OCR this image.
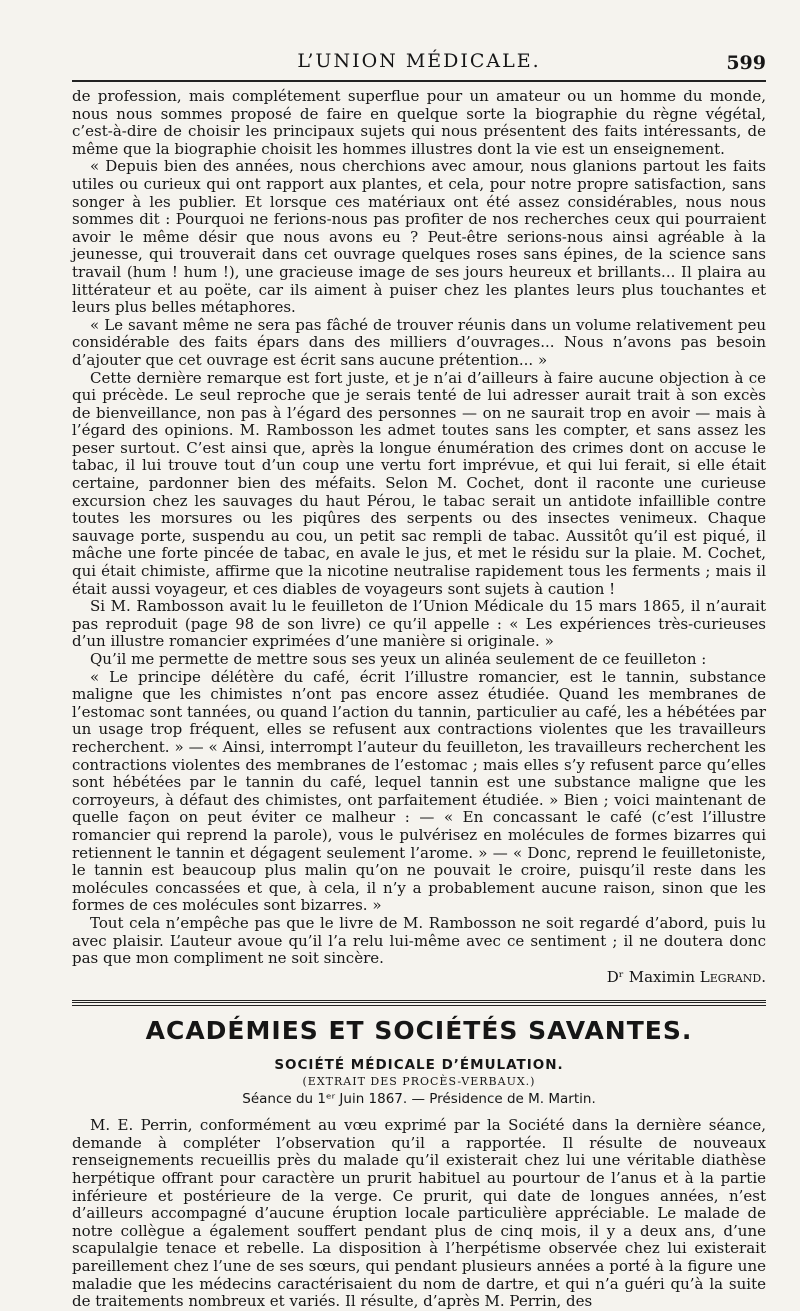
L’UNION MÉDICALE.	599

de profession, mais complétement superflue pour un amateur ou un homme du monde, nous nous sommes proposé de faire en quelque sorte la biographie du règne végétal, c’est-à-dire de choisir les principaux sujets qui nous présentent des faits intéressants, de même que la biographie choisit les hommes illustres dont la vie est un enseignement.

« Depuis bien des années, nous cherchions avec amour, nous glanions partout les faits utiles ou curieux qui ont rapport aux plantes, et cela, pour notre propre satisfaction, sans songer à les publier. Et lorsque ces matériaux ont été assez considérables, nous nous sommes dit : Pourquoi ne ferions-nous pas profiter de nos recherches ceux qui pourraient avoir le même désir que nous avons eu ? Peut-être serions-nous ainsi agréable à la jeunesse, qui trouverait dans cet ouvrage quelques roses sans épines, de la science sans travail (hum ! hum !), une gracieuse image de ses jours heureux et brillants... Il plaira au littérateur et au poëte, car ils aiment à puiser chez les plantes leurs plus touchantes et leurs plus belles métaphores.

« Le savant même ne sera pas fâché de trouver réunis dans un volume relativement peu considérable des faits épars dans des milliers d’ouvrages... Nous n’avons pas besoin d’ajouter que cet ouvrage est écrit sans aucune prétention... »

Cette dernière remarque est fort juste, et je n’ai d’ailleurs à faire aucune objection à ce qui précède. Le seul reproche que je serais tenté de lui adresser aurait trait à son excès de bienveillance, non pas à l’égard des personnes — on ne saurait trop en avoir — mais à l’égard des opinions. M. Rambosson les admet toutes sans les compter, et sans assez les peser surtout. C’est ainsi que, après la longue énumération des crimes dont on accuse le tabac, il lui trouve tout d’un coup une vertu fort imprévue, et qui lui ferait, si elle était certaine, pardonner bien des méfaits. Selon M. Cochet, dont il raconte une curieuse excursion chez les sauvages du haut Pérou, le tabac serait un antidote infaillible contre toutes les morsures ou les piqûres des serpents ou des insectes venimeux. Chaque sauvage porte, suspendu au cou, un petit sac rempli de tabac. Aussitôt qu’il est piqué, il mâche une forte pincée de tabac, en avale le jus, et met le résidu sur la plaie. M. Cochet, qui était chimiste, affirme que la nicotine neutralise rapidement tous les ferments ; mais il était aussi voyageur, et ces diables de voyageurs sont sujets à caution !

Si M. Rambosson avait lu le feuilleton de l’Union Médicale du 15 mars 1865, il n’aurait pas reproduit (page 98 de son livre) ce qu’il appelle : « Les expériences très-curieuses d’un illustre romancier exprimées d’une manière si originale. »

Qu’il me permette de mettre sous ses yeux un alinéa seulement de ce feuilleton :

« Le principe délétère du café, écrit l’illustre romancier, est le tannin, substance maligne que les chimistes n’ont pas encore assez étudiée. Quand les membranes de l’estomac sont tannées, ou quand l’action du tannin, particulier au café, les a hébétées par un usage trop fréquent, elles se refusent aux contractions violentes que les travailleurs recherchent. » — « Ainsi, interrompt l’auteur du feuilleton, les travailleurs recherchent les contractions violentes des membranes de l’estomac ; mais elles s’y refusent parce qu’elles sont hébétées par le tannin du café, lequel tannin est une substance maligne que les corroyeurs, à défaut des chimistes, ont parfaitement étudiée. » Bien ; voici maintenant de quelle façon on peut éviter ce malheur : — « En concassant le café (c’est l’illustre romancier qui reprend la parole), vous le pulvérisez en molécules de formes bizarres qui retiennent le tannin et dégagent seulement l’arome. » — « Donc, reprend le feuilletoniste, le tannin est beaucoup plus malin qu’on ne pouvait le croire, puisqu’il reste dans les molécules concassées et que, à cela, il n’y a probablement aucune raison, sinon que les formes de ces molécules sont bizarres. »

Tout cela n’empêche pas que le livre de M. Rambosson ne soit regardé d’abord, puis lu avec plaisir. L’auteur avoue qu’il l’a relu lui-même avec ce sentiment ; il ne doutera donc pas que mon compliment ne soit sincère.

Dʳ Maximin Legrand.
ACADÉMIES ET SOCIÉTÉS SAVANTES.
SOCIÉTÉ MÉDICALE D’ÉMULATION.
(EXTRAIT DES PROCÈS-VERBAUX.)
Séance du 1ᵉʳ Juin 1867. — Présidence de M. Martin.

M. E. Perrin, conformément au vœu exprimé par la Société dans la dernière séance, demande à compléter l’observation qu’il a rapportée. Il résulte de nouveaux renseignements recueillis près du malade qu’il existerait chez lui une véritable diathèse herpétique offrant pour caractère un prurit habituel au pourtour de l’anus et à la partie inférieure et postérieure de la verge. Ce prurit, qui date de longues années, n’est d’ailleurs accompagné d’aucune éruption locale particulière appréciable. Le malade de notre collègue a également souffert pendant plus de cinq mois, il y a deux ans, d’une scapulalgie tenace et rebelle. La disposition à l’herpétisme observée chez lui existerait pareillement chez l’une de ses sœurs, qui pendant plusieurs années a porté à la figure une maladie que les médecins caractérisaient du nom de dartre, et qui n’a guéri qu’à la suite de traitements nombreux et variés. Il résulte, d’après M. Perrin, des
